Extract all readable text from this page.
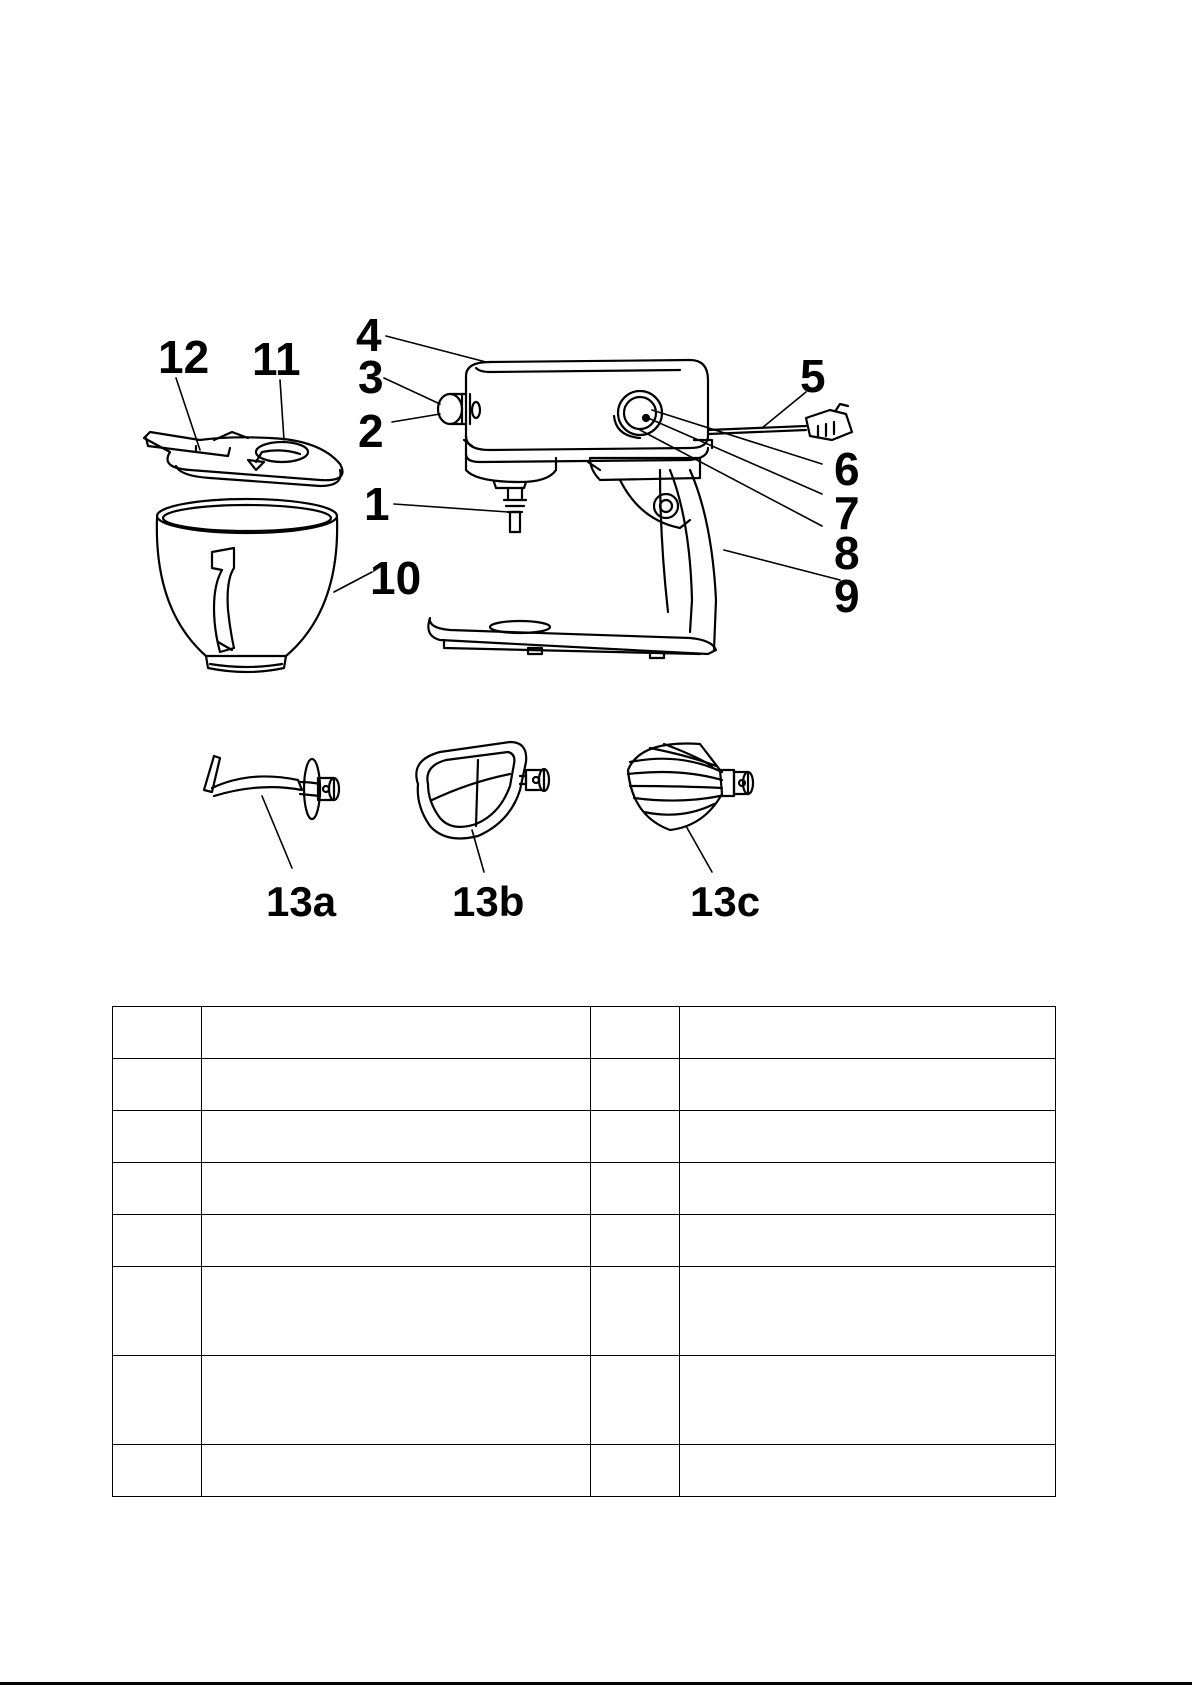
4
3
2
1
12 11
10
5
6
7
8
9
13a	13b	13c
